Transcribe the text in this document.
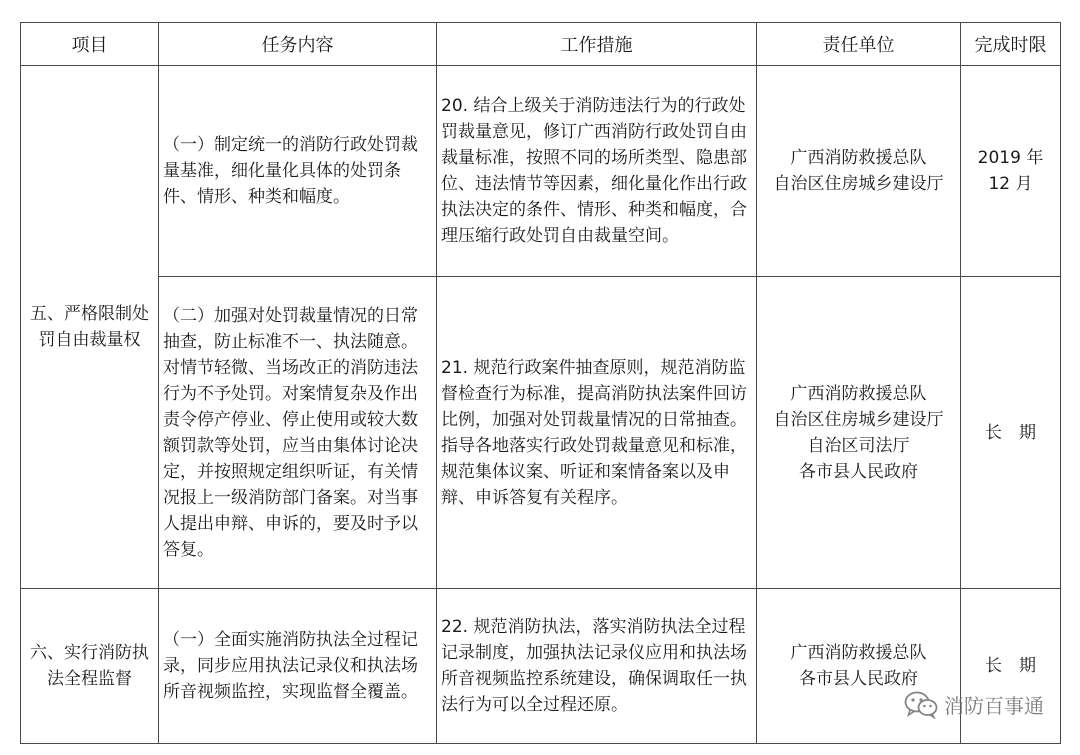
项目	任务内容	工作措施	责任单位	完成时限

五、严格限制处
罚自由裁量权	（一）制定统一的消防行政处罚裁量基准，细化量化具体的处罚条件、情形、种类和幅度。	20. 结合上级关于消防违法行为的行政处罚裁量意见，修订广西消防行政处罚自由裁量标准，按照不同的场所类型、隐患部位、违法情节等因素，细化量化作出行政执法决定的条件、情形、种类和幅度，合理压缩行政处罚自由裁量空间。	广西消防救援总队
自治区住房城乡建设厅	2019 年
12 月

	（二）加强对处罚裁量情况的日常抽查，防止标准不一、执法随意。对情节轻微、当场改正的消防违法行为不予处罚。对案情复杂及作出责令停产停业、停止使用或较大数额罚款等处罚，应当由集体讨论决定，并按照规定组织听证，有关情况报上一级消防部门备案。对当事人提出申辩、申诉的，要及时予以答复。	21. 规范行政案件抽查原则，规范消防监督检查行为标准，提高消防执法案件回访比例，加强对处罚裁量情况的日常抽查。指导各地落实行政处罚裁量意见和标准，规范集体议案、听证和案情备案以及申辩、申诉答复有关程序。	广西消防救援总队
自治区住房城乡建设厅
自治区司法厅
各市县人民政府	长　期

六、实行消防执
法全程监督	（一）全面实施消防执法全过程记录，同步应用执法记录仪和执法场所音视频监控，实现监督全覆盖。	22. 规范消防执法，落实消防执法全过程记录制度，加强执法记录仪应用和执法场所音视频监控系统建设，确保调取任一执法行为可以全过程还原。	广西消防救援总队
各市县人民政府	长　期
消防百事通
